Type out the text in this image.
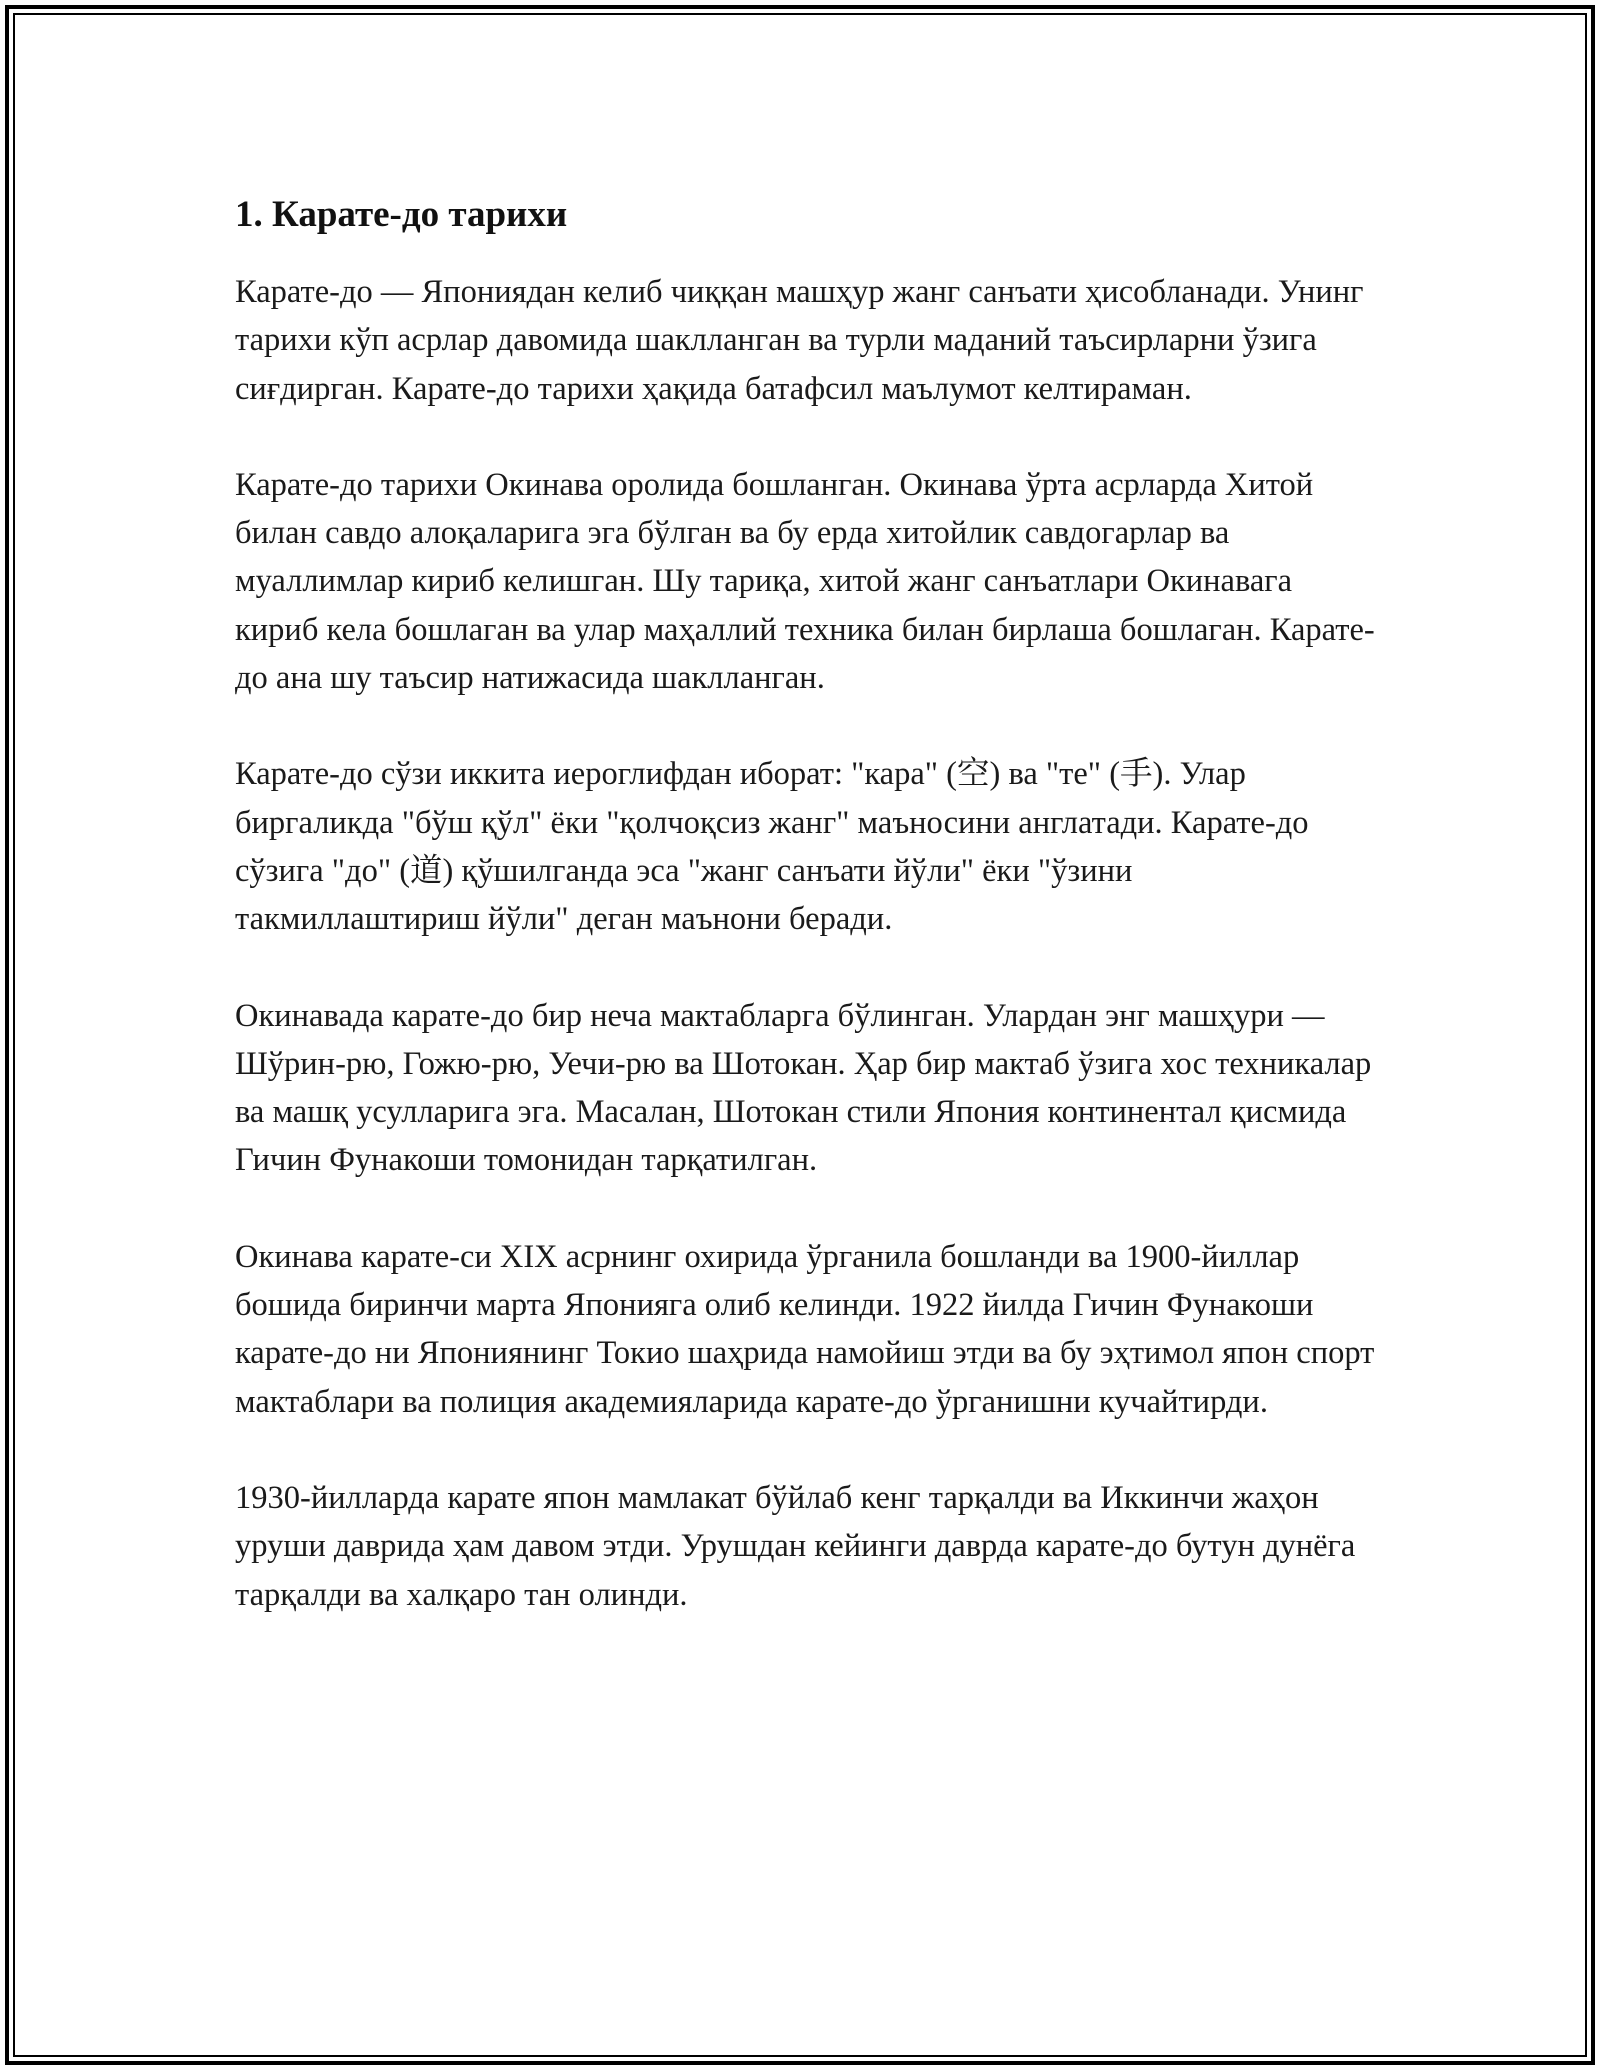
1. Карате-до тарихи

Карате-до — Япониядан келиб чиққан машҳур жанг санъати ҳисобланади. Унинг тарихи кўп асрлар давомида шаклланган ва турли маданий таъсирларни ўзига сиғдирган. Карате-до тарихи ҳақида батафсил маълумот келтираман.

Карате-до тарихи Окинава оролида бошланган. Окинава ўрта асрларда Хитой билан савдо алоқаларига эга бўлган ва бу ерда хитойлик савдогарлар ва муаллимлар кириб келишган. Шу тариқа, хитой жанг санъатлари Окинавага кириб кела бошлаган ва улар маҳаллий техника билан бирлаша бошлаган. Карате-до ана шу таъсир натижасида шаклланган.

Карате-до сўзи иккита иероглифдан иборат: "кара" (空) ва "те" (手). Улар биргаликда "бўш қўл" ёки "қолчоқсиз жанг" маъносини англатади. Карате-до сўзига "до" (道) қўшилганда эса "жанг санъати йўли" ёки "ўзини такмиллаштириш йўли" деган маънони беради.

Окинавада карате-до бир неча мактабларга бўлинган. Улардан энг машҳури — Шўрин-рю, Гожю-рю, Уечи-рю ва Шотокан. Ҳар бир мактаб ўзига хос техникалар ва машқ усулларига эга. Масалан, Шотокан стили Япония континентал қисмида Гичин Фунакоши томонидан тарқатилган.

Окинава карате-си XIX асрнинг охирида ўрганила бошланди ва 1900-йиллар бошида биринчи марта Японияга олиб келинди. 1922 йилда Гичин Фунакоши карате-до ни Япониянинг Токио шаҳрида намойиш этди ва бу эҳтимол япон спорт мактаблари ва полиция академияларида карате-до ўрганишни кучайтирди.

1930-йилларда карате япон мамлакат бўйлаб кенг тарқалди ва Иккинчи жаҳон уруши даврида ҳам давом этди. Урушдан кейинги даврда карате-до бутун дунёга тарқалди ва халқаро тан олинди.
